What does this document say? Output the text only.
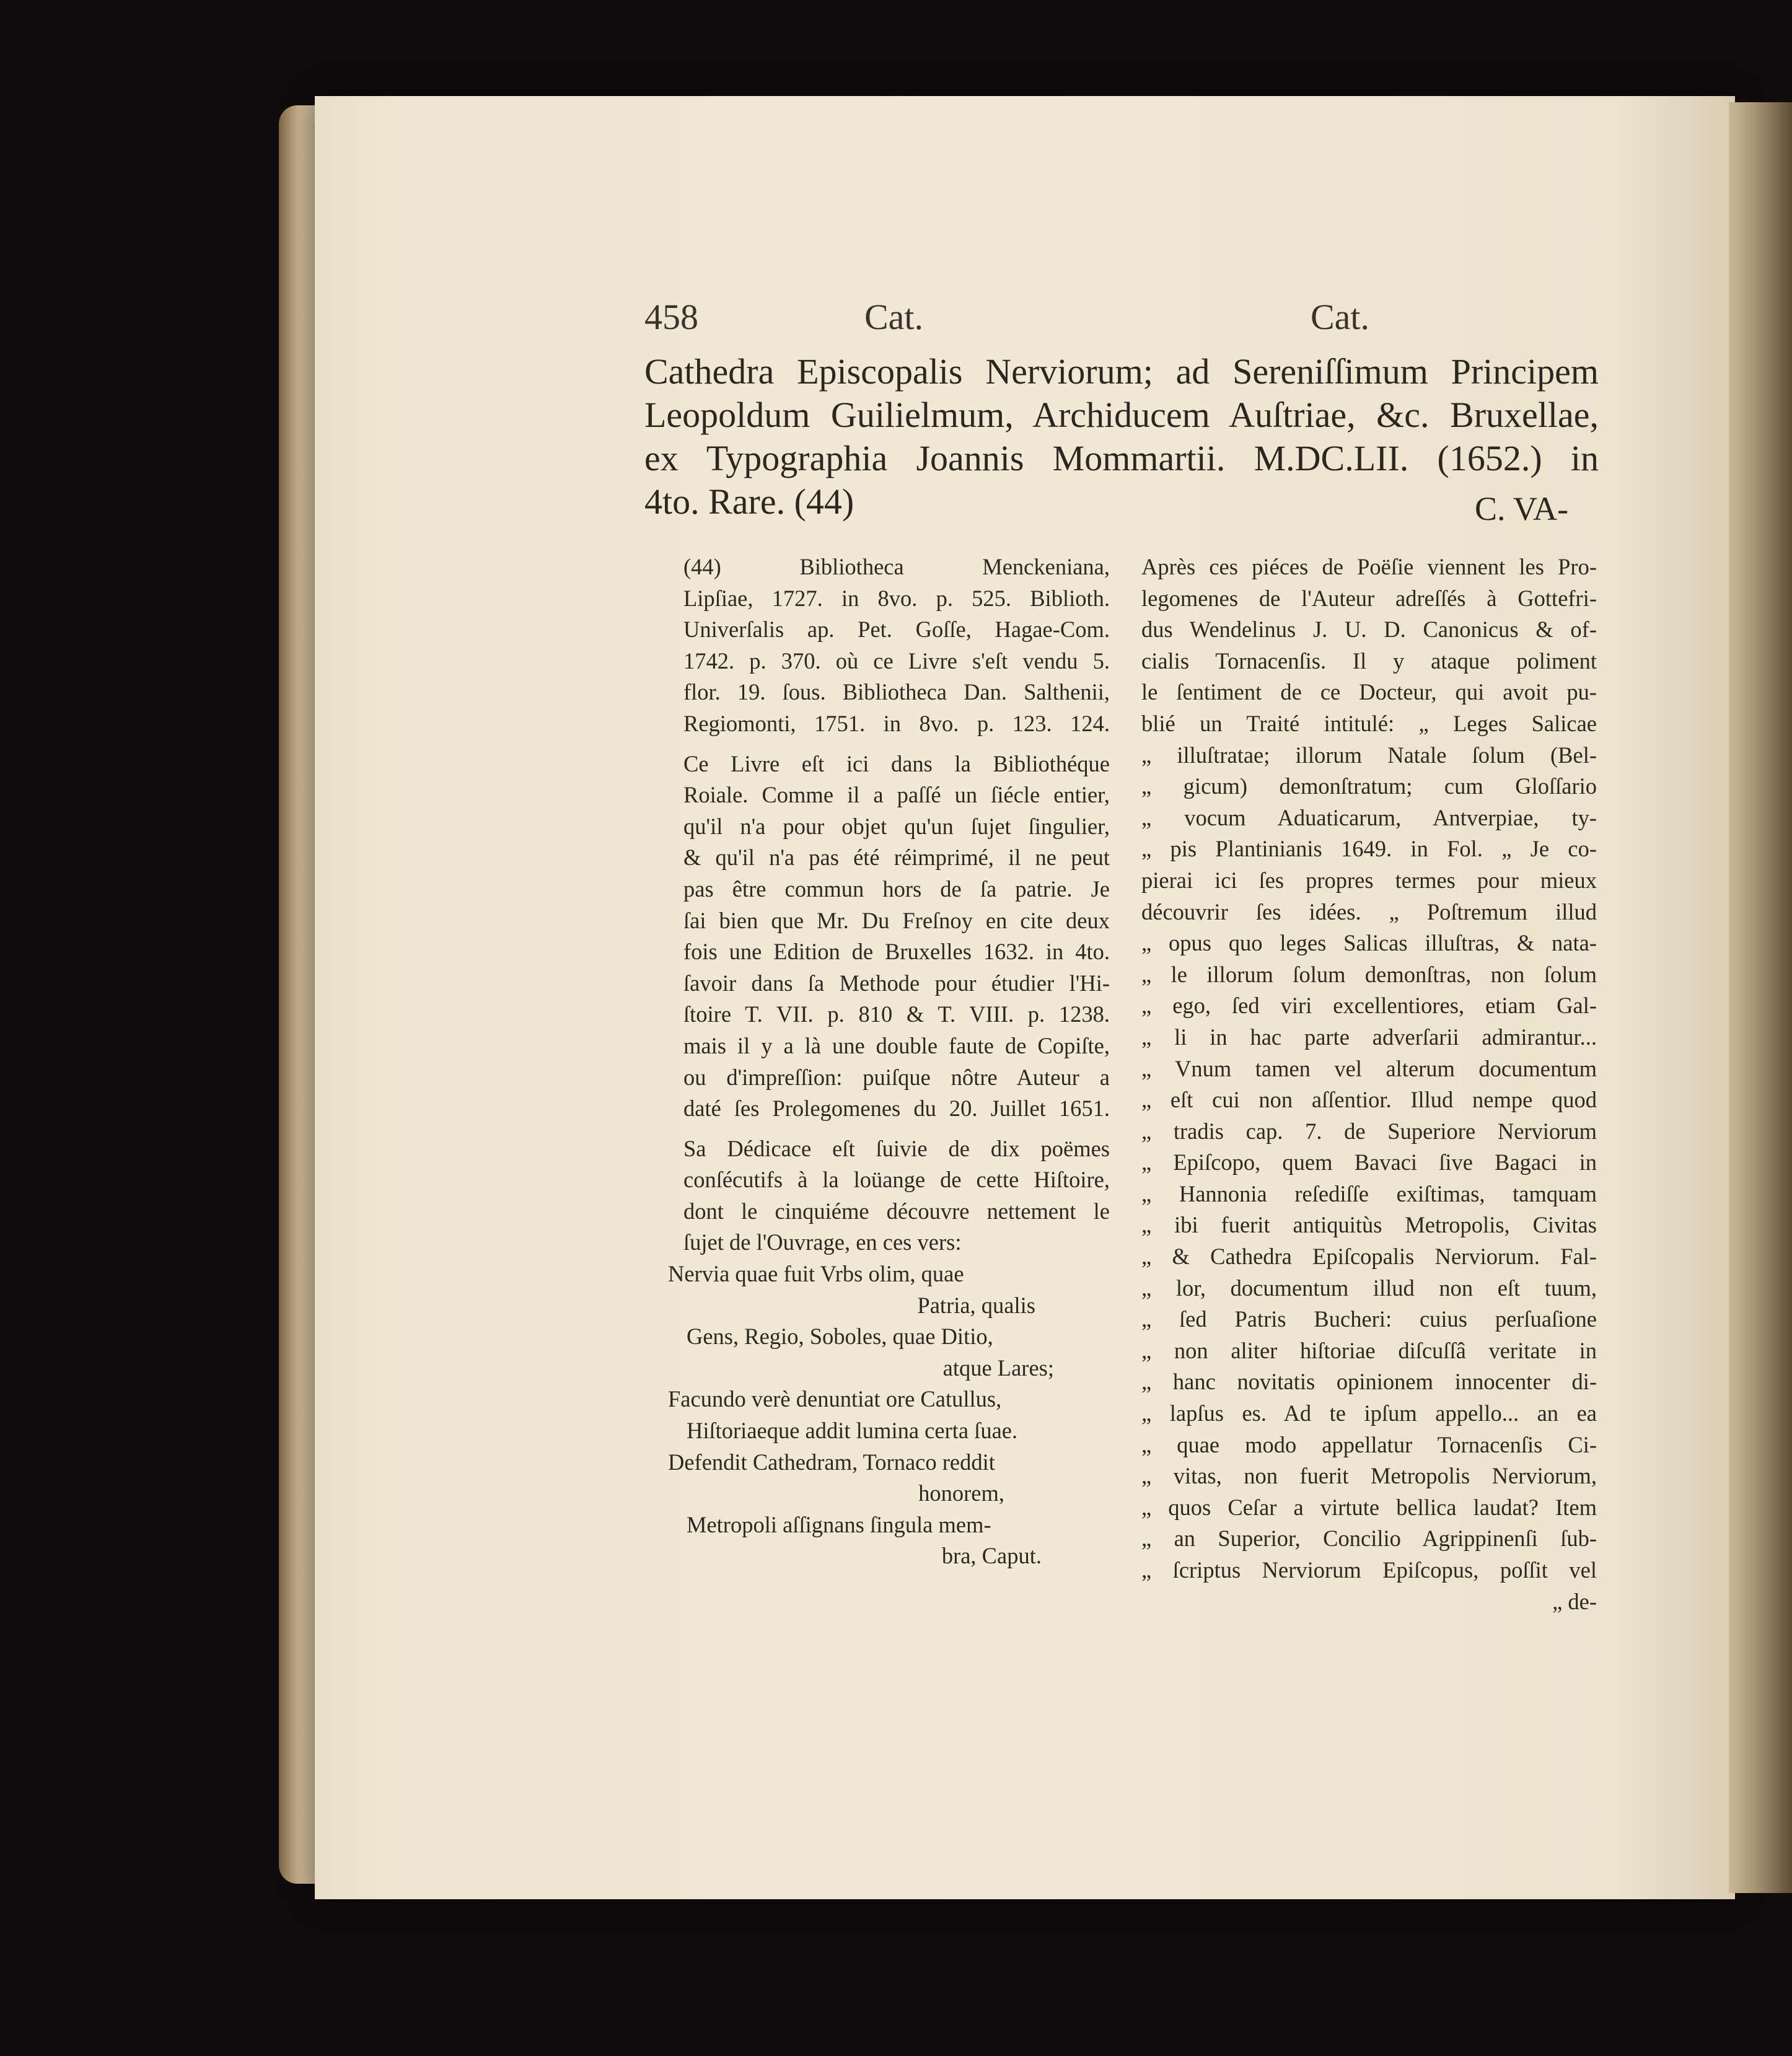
458	Cat.	Cat.
Cathedra Episcopalis Nerviorum; ad Sereniſſimum Principem
Leopoldum Guilielmum, Archiducem Auſtriae, &c. Bruxellae,
ex Typographia Joannis Mommartii. M.DC.LII. (1652.) in
4to. Rare. (44)	C. VA-
(44) Bibliotheca Menckeniana,
Lipſiae, 1727. in 8vo. p. 525. Biblioth.
Univerſalis ap. Pet. Goſſe, Hagae-Com.
1742. p. 370. où ce Livre s'eſt vendu 5.
flor. 19. ſous. Bibliotheca Dan. Salthenii,
Regiomonti, 1751. in 8vo. p. 123. 124.
Ce Livre eſt ici dans la Bibliothéque
Roiale. Comme il a paſſé un ſiécle entier,
qu'il n'a pour objet qu'un ſujet ſingulier,
& qu'il n'a pas été réimprimé, il ne peut
pas être commun hors de ſa patrie. Je
ſai bien que Mr. Du Freſnoy en cite deux
fois une Edition de Bruxelles 1632. in 4to.
ſavoir dans ſa Methode pour étudier l'Hi-
ſtoire T. VII. p. 810 & T. VIII. p. 1238.
mais il y a là une double faute de Copiſte,
ou d'impreſſion: puiſque nôtre Auteur a
daté ſes Prolegomenes du 20. Juillet 1651.
Sa Dédicace eſt ſuivie de dix poëmes
conſécutifs à la loüange de cette Hiſtoire,
dont le cinquiéme découvre nettement le
ſujet de l'Ouvrage, en ces vers:
Nervia quae fuit Vrbs olim, quae
Patria, qualis
Gens, Regio, Soboles, quae Ditio,
atque Lares;
Facundo verè denuntiat ore Catullus,
Hiſtoriaeque addit lumina certa ſuae.
Defendit Cathedram, Tornaco reddit
honorem,
Metropoli aſſignans ſingula mem-
bra, Caput.
Après ces piéces de Poëſie viennent les Pro-
legomenes de l'Auteur adreſſés à Gottefri-
dus Wendelinus J. U. D. Canonicus & of-
cialis Tornacenſis. Il y ataque poliment
le ſentiment de ce Docteur, qui avoit pu-
blié un Traité intitulé: „ Leges Salicae
„ illuſtratae; illorum Natale ſolum (Bel-
„ gicum) demonſtratum; cum Gloſſario
„ vocum Aduaticarum, Antverpiae, ty-
„ pis Plantinianis 1649. in Fol. „ Je co-
pierai ici ſes propres termes pour mieux
découvrir ſes idées. „ Poſtremum illud
„ opus quo leges Salicas illuſtras, & nata-
„ le illorum ſolum demonſtras, non ſolum
„ ego, ſed viri excellentiores, etiam Gal-
„ li in hac parte adverſarii admirantur...
„ Vnum tamen vel alterum documentum
„ eſt cui non aſſentior. Illud nempe quod
„ tradis cap. 7. de Superiore Nerviorum
„ Epiſcopo, quem Bavaci ſive Bagaci in
„ Hannonia reſediſſe exiſtimas, tamquam
„ ibi fuerit antiquitùs Metropolis, Civitas
„ & Cathedra Epiſcopalis Nerviorum. Fal-
„ lor, documentum illud non eſt tuum,
„ ſed Patris Bucheri: cuius perſuaſione
„ non aliter hiſtoriae diſcuſſâ veritate in
„ hanc novitatis opinionem innocenter di-
„ lapſus es. Ad te ipſum appello... an ea
„ quae modo appellatur Tornacenſis Ci-
„ vitas, non fuerit Metropolis Nerviorum,
„ quos Ceſar a virtute bellica laudat? Item
„ an Superior, Concilio Agrippinenſi ſub-
„ ſcriptus Nerviorum Epiſcopus, poſſit vel
„ de-
